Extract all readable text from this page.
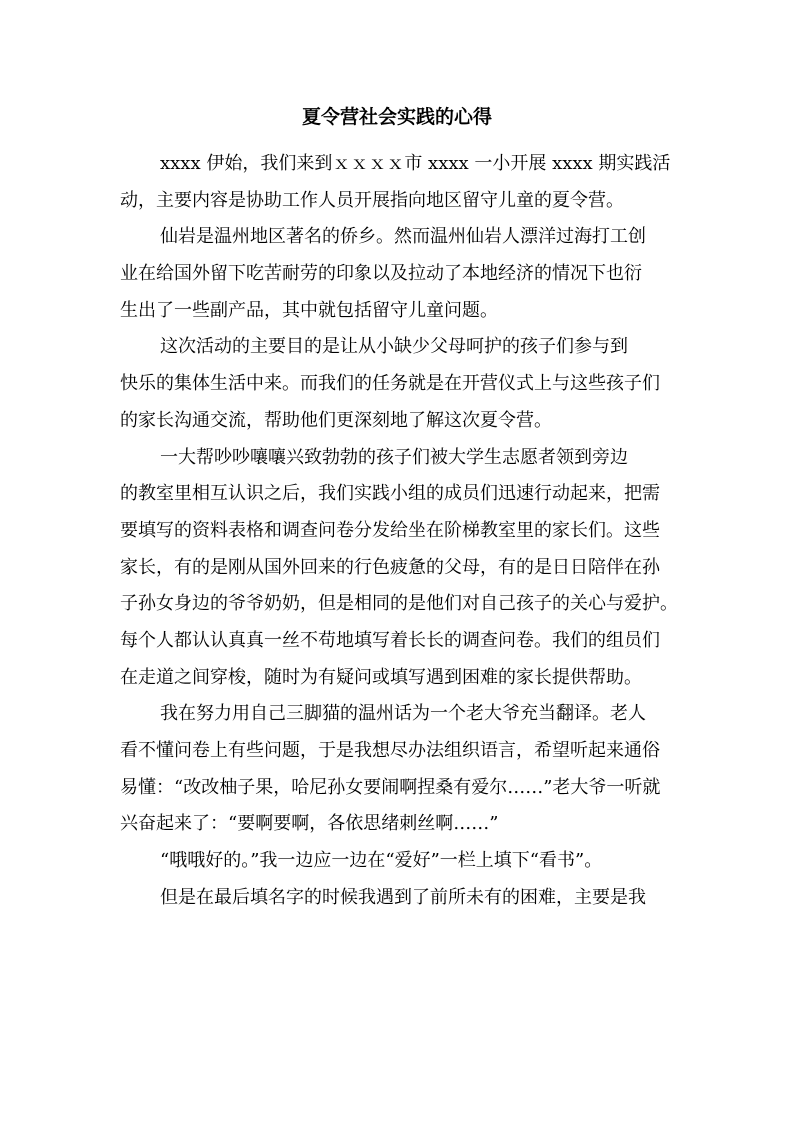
夏令营社会实践的心得
xxxx 伊始，我们来到ｘｘｘｘ市 xxxx 一小开展 xxxx 期实践活
动，主要内容是协助工作人员开展指向地区留守儿童的夏令营。
仙岩是温州地区著名的侨乡。然而温州仙岩人漂洋过海打工创
业在给国外留下吃苦耐劳的印象以及拉动了本地经济的情况下也衍
生出了一些副产品，其中就包括留守儿童问题。
这次活动的主要目的是让从小缺少父母呵护的孩子们参与到
快乐的集体生活中来。而我们的任务就是在开营仪式上与这些孩子们
的家长沟通交流，帮助他们更深刻地了解这次夏令营。
一大帮吵吵嚷嚷兴致勃勃的孩子们被大学生志愿者领到旁边
的教室里相互认识之后，我们实践小组的成员们迅速行动起来，把需
要填写的资料表格和调查问卷分发给坐在阶梯教室里的家长们。这些
家长，有的是刚从国外回来的行色疲惫的父母，有的是日日陪伴在孙
子孙女身边的爷爷奶奶，但是相同的是他们对自己孩子的关心与爱护。
每个人都认认真真一丝不苟地填写着长长的调查问卷。我们的组员们
在走道之间穿梭，随时为有疑问或填写遇到困难的家长提供帮助。
我在努力用自己三脚猫的温州话为一个老大爷充当翻译。老人
看不懂问卷上有些问题，于是我想尽办法组织语言，希望听起来通俗
易懂：“改改柚子果，哈尼孙女要闹啊捏桑有爱尔……”老大爷一听就
兴奋起来了：“要啊要啊，各依思绪刺丝啊……”
“哦哦好的。”我一边应一边在“爱好”一栏上填下“看书”。
但是在最后填名字的时候我遇到了前所未有的困难，主要是我
